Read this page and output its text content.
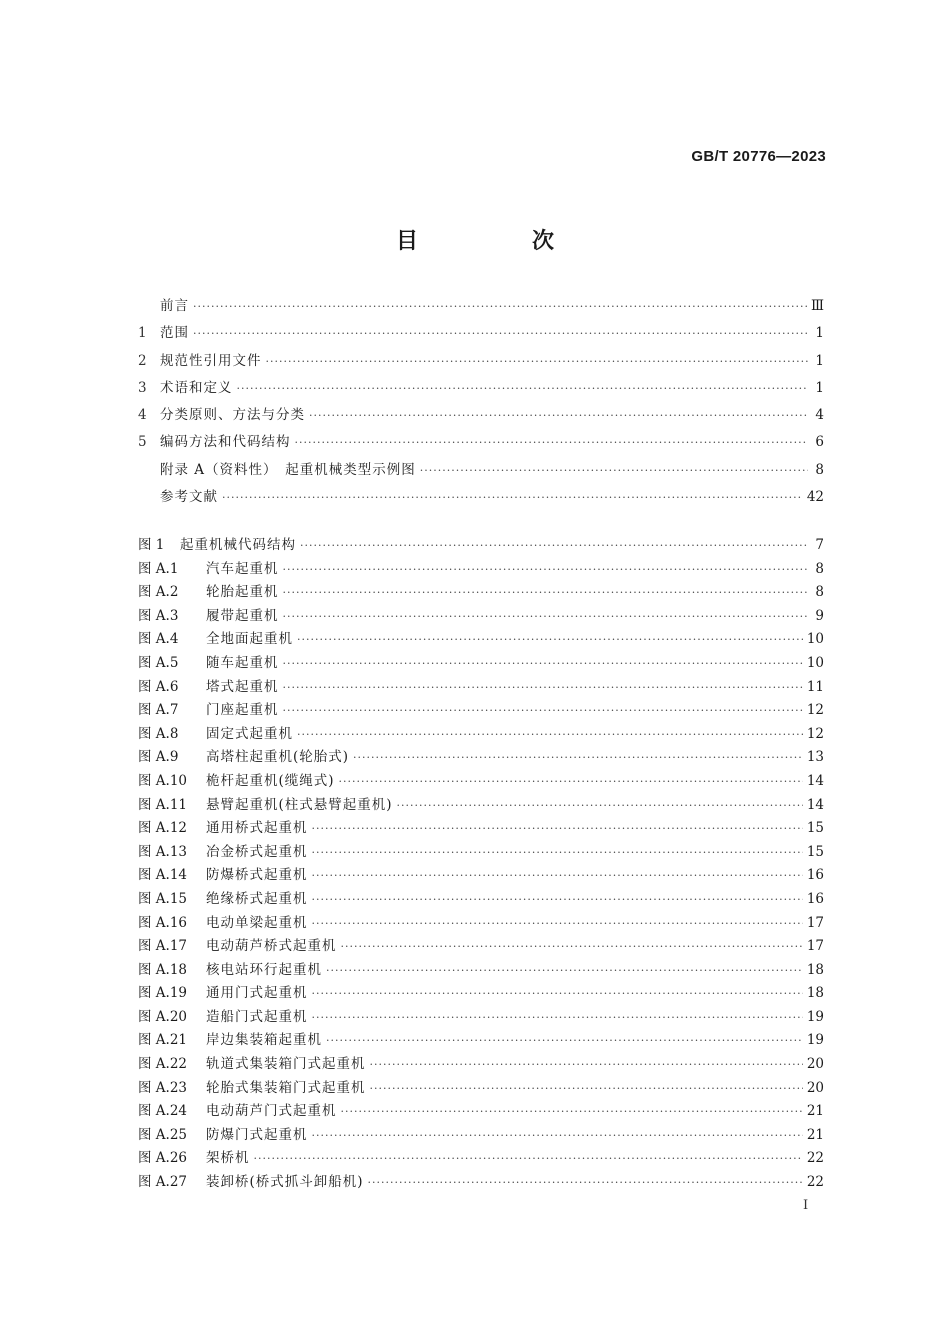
GB/T 20776—2023
目　次
前言 ·····	Ⅲ
1 范围 ·····	1
2 规范性引用文件 ·····	1
3 术语和定义 ·····	1
4 分类原则、方法与分类 ·····	4
5 编码方法和代码结构 ·····	6
附录 A（资料性）　起重机械类型示例图 ·····	8
参考文献 ·····	42
图 1	起重机械代码结构 ·····	7
图 A.1	汽车起重机 ·····	8
图 A.2	轮胎起重机 ·····	8
图 A.3	履带起重机 ·····	9
图 A.4	全地面起重机 ·····	10
图 A.5	随车起重机 ·····	10
图 A.6	塔式起重机 ·····	11
图 A.7	门座起重机 ·····	12
图 A.8	固定式起重机 ·····	12
图 A.9	高塔柱起重机(轮胎式) ·····	13
图 A.10	桅杆起重机(缆绳式) ·····	14
图 A.11	悬臂起重机(柱式悬臂起重机) ·····	14
图 A.12	通用桥式起重机 ·····	15
图 A.13	冶金桥式起重机 ·····	15
图 A.14	防爆桥式起重机 ·····	16
图 A.15	绝缘桥式起重机 ·····	16
图 A.16	电动单梁起重机 ·····	17
图 A.17	电动葫芦桥式起重机 ·····	17
图 A.18	核电站环行起重机 ·····	18
图 A.19	通用门式起重机 ·····	18
图 A.20	造船门式起重机 ·····	19
图 A.21	岸边集装箱起重机 ·····	19
图 A.22	轨道式集装箱门式起重机 ·····	20
图 A.23	轮胎式集装箱门式起重机 ·····	20
图 A.24	电动葫芦门式起重机 ·····	21
图 A.25	防爆门式起重机 ·····	21
图 A.26	架桥机 ·····	22
图 A.27	装卸桥(桥式抓斗卸船机) ·····	22
I
